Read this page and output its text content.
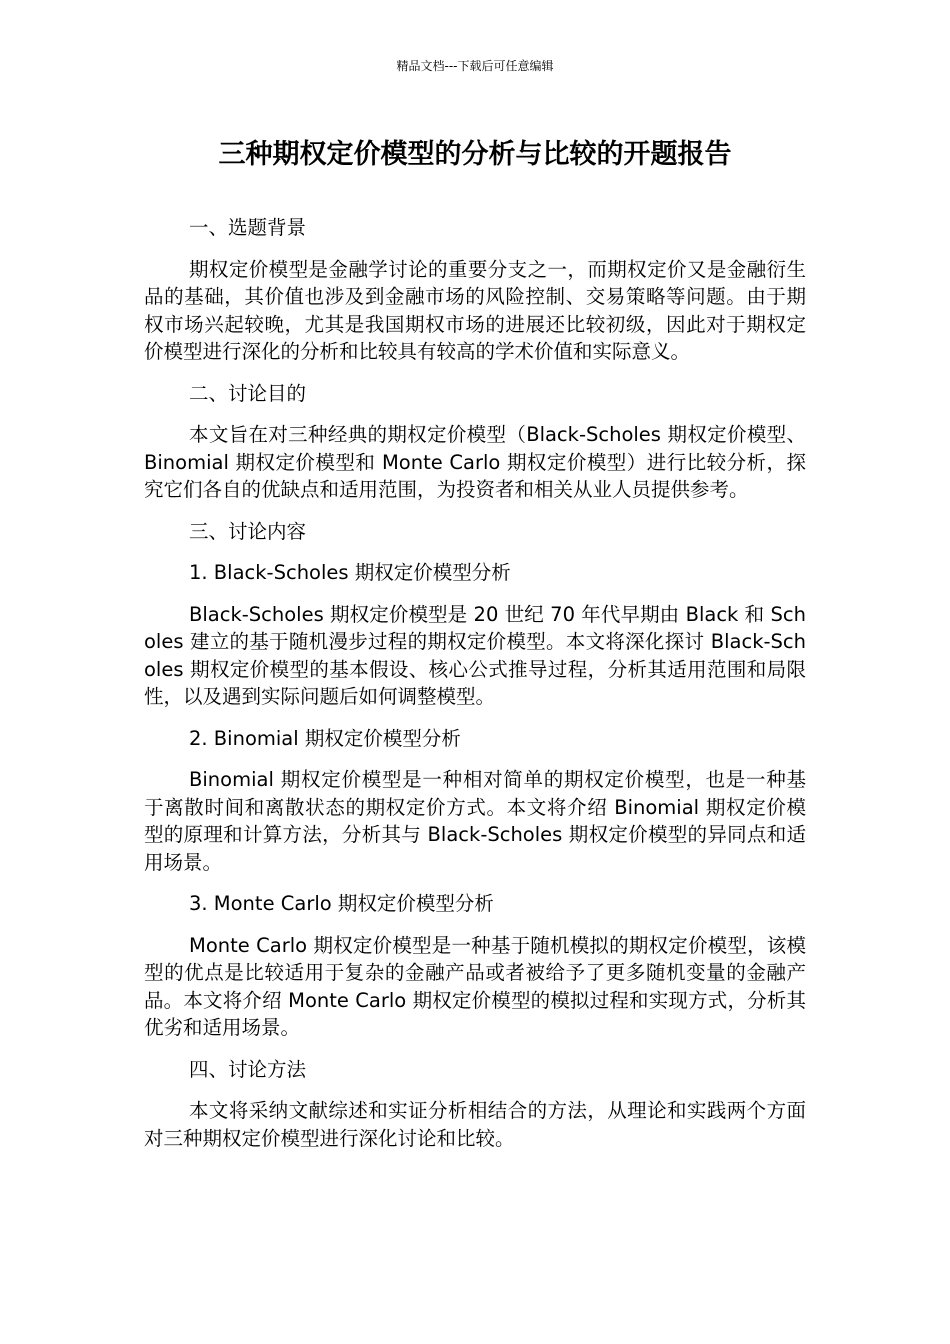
精品文档---下载后可任意编辑
三种期权定价模型的分析与比较的开题报告

一、选题背景

期权定价模型是金融学讨论的重要分支之一，而期权定价又是金融衍生品的基础，其价值也涉及到金融市场的风险控制、交易策略等问题。由于期权市场兴起较晚，尤其是我国期权市场的进展还比较初级，因此对于期权定价模型进行深化的分析和比较具有较高的学术价值和实际意义。

二、讨论目的

本文旨在对三种经典的期权定价模型（Black-Scholes 期权定价模型、Binomial 期权定价模型和 Monte Carlo 期权定价模型）进行比较分析，探究它们各自的优缺点和适用范围，为投资者和相关从业人员提供参考。

三、讨论内容

1. Black-Scholes 期权定价模型分析

Black-Scholes 期权定价模型是 20 世纪 70 年代早期由 Black 和 Scholes 建立的基于随机漫步过程的期权定价模型。本文将深化探讨 Black-Scholes 期权定价模型的基本假设、核心公式推导过程，分析其适用范围和局限性，以及遇到实际问题后如何调整模型。

2. Binomial 期权定价模型分析

Binomial 期权定价模型是一种相对简单的期权定价模型，也是一种基于离散时间和离散状态的期权定价方式。本文将介绍 Binomial 期权定价模型的原理和计算方法，分析其与 Black-Scholes 期权定价模型的异同点和适用场景。

3. Monte Carlo 期权定价模型分析

Monte Carlo 期权定价模型是一种基于随机模拟的期权定价模型，该模型的优点是比较适用于复杂的金融产品或者被给予了更多随机变量的金融产品。本文将介绍 Monte Carlo 期权定价模型的模拟过程和实现方式，分析其优劣和适用场景。

四、讨论方法

本文将采纳文献综述和实证分析相结合的方法，从理论和实践两个方面对三种期权定价模型进行深化讨论和比较。
